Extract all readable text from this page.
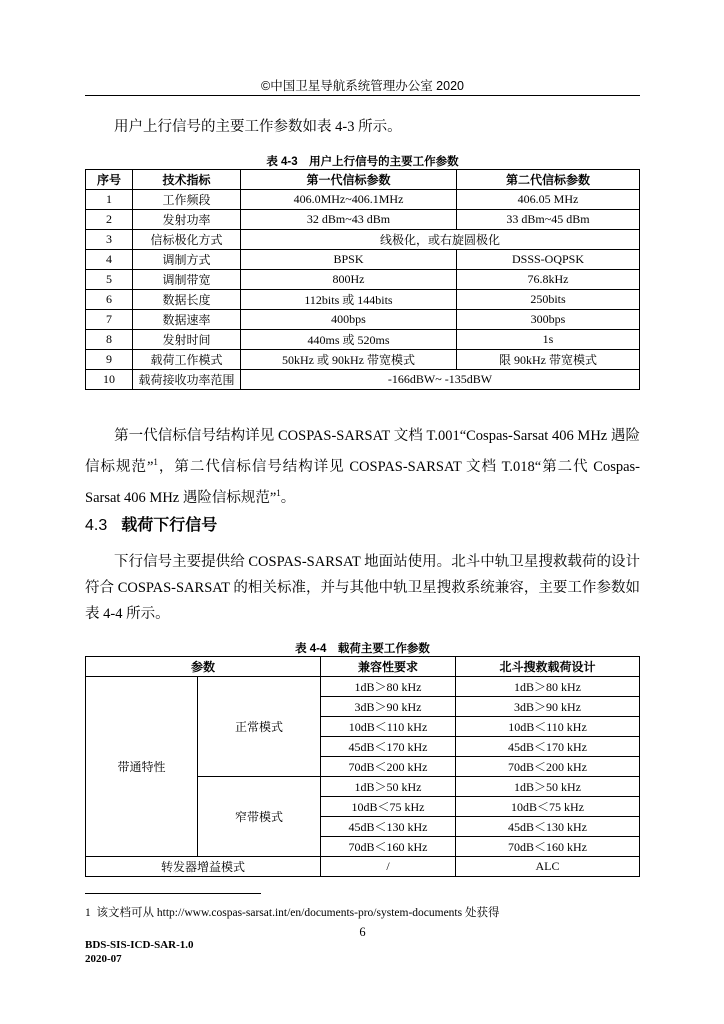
©中国卫星导航系统管理办公室 2020
用户上行信号的主要工作参数如表 4-3 所示。
表 4-3　用户上行信号的主要工作参数
序号	技术指标	第一代信标参数	第二代信标参数
1	工作频段	406.0MHz~406.1MHz	406.05 MHz
2	发射功率	32 dBm~43 dBm	33 dBm~45 dBm
3	信标极化方式	线极化，或右旋圆极化	
4	调制方式	BPSK	DSSS-OQPSK
5	调制带宽	800Hz	76.8kHz
6	数据长度	112bits 或 144bits	250bits
7	数据速率	400bps	300bps
8	发射时间	440ms 或 520ms	1s
9	载荷工作模式	50kHz 或 90kHz 带宽模式	限 90kHz 带宽模式
10	载荷接收功率范围	-166dBW~ -135dBW	
第一代信标信号结构详见 COSPAS-SARSAT 文档 T.001“Cospas-Sarsat 406 MHz 遇险信标规范”$^1$，第二代信标信号结构详见 COSPAS-SARSAT 文档 T.018“第二代 Cospas-Sarsat 406 MHz 遇险信标规范”$^1$。
4.3 载荷下行信号
下行信号主要提供给 COSPAS-SARSAT 地面站使用。北斗中轨卫星搜救载荷的设计符合 COSPAS-SARSAT 的相关标准，并与其他中轨卫星搜救系统兼容，主要工作参数如表 4-4 所示。
表 4-4　载荷主要工作参数
参数		兼容性要求	北斗搜救载荷设计
带通特性	正常模式	1dB＞80 kHz	1dB＞80 kHz
		3dB＞90 kHz	3dB＞90 kHz
		10dB＜110 kHz	10dB＜110 kHz
		45dB＜170 kHz	45dB＜170 kHz
		70dB＜200 kHz	70dB＜200 kHz
	窄带模式	1dB＞50 kHz	1dB＞50 kHz
		10dB＜75 kHz	10dB＜75 kHz
		45dB＜130 kHz	45dB＜130 kHz
		70dB＜160 kHz	70dB＜160 kHz
转发器增益模式		/	ALC
1 该文档可从 http://www.cospas-sarsat.int/en/documents-pro/system-documents 处获得
6
BDS-SIS-ICD-SAR-1.0
2020-07
